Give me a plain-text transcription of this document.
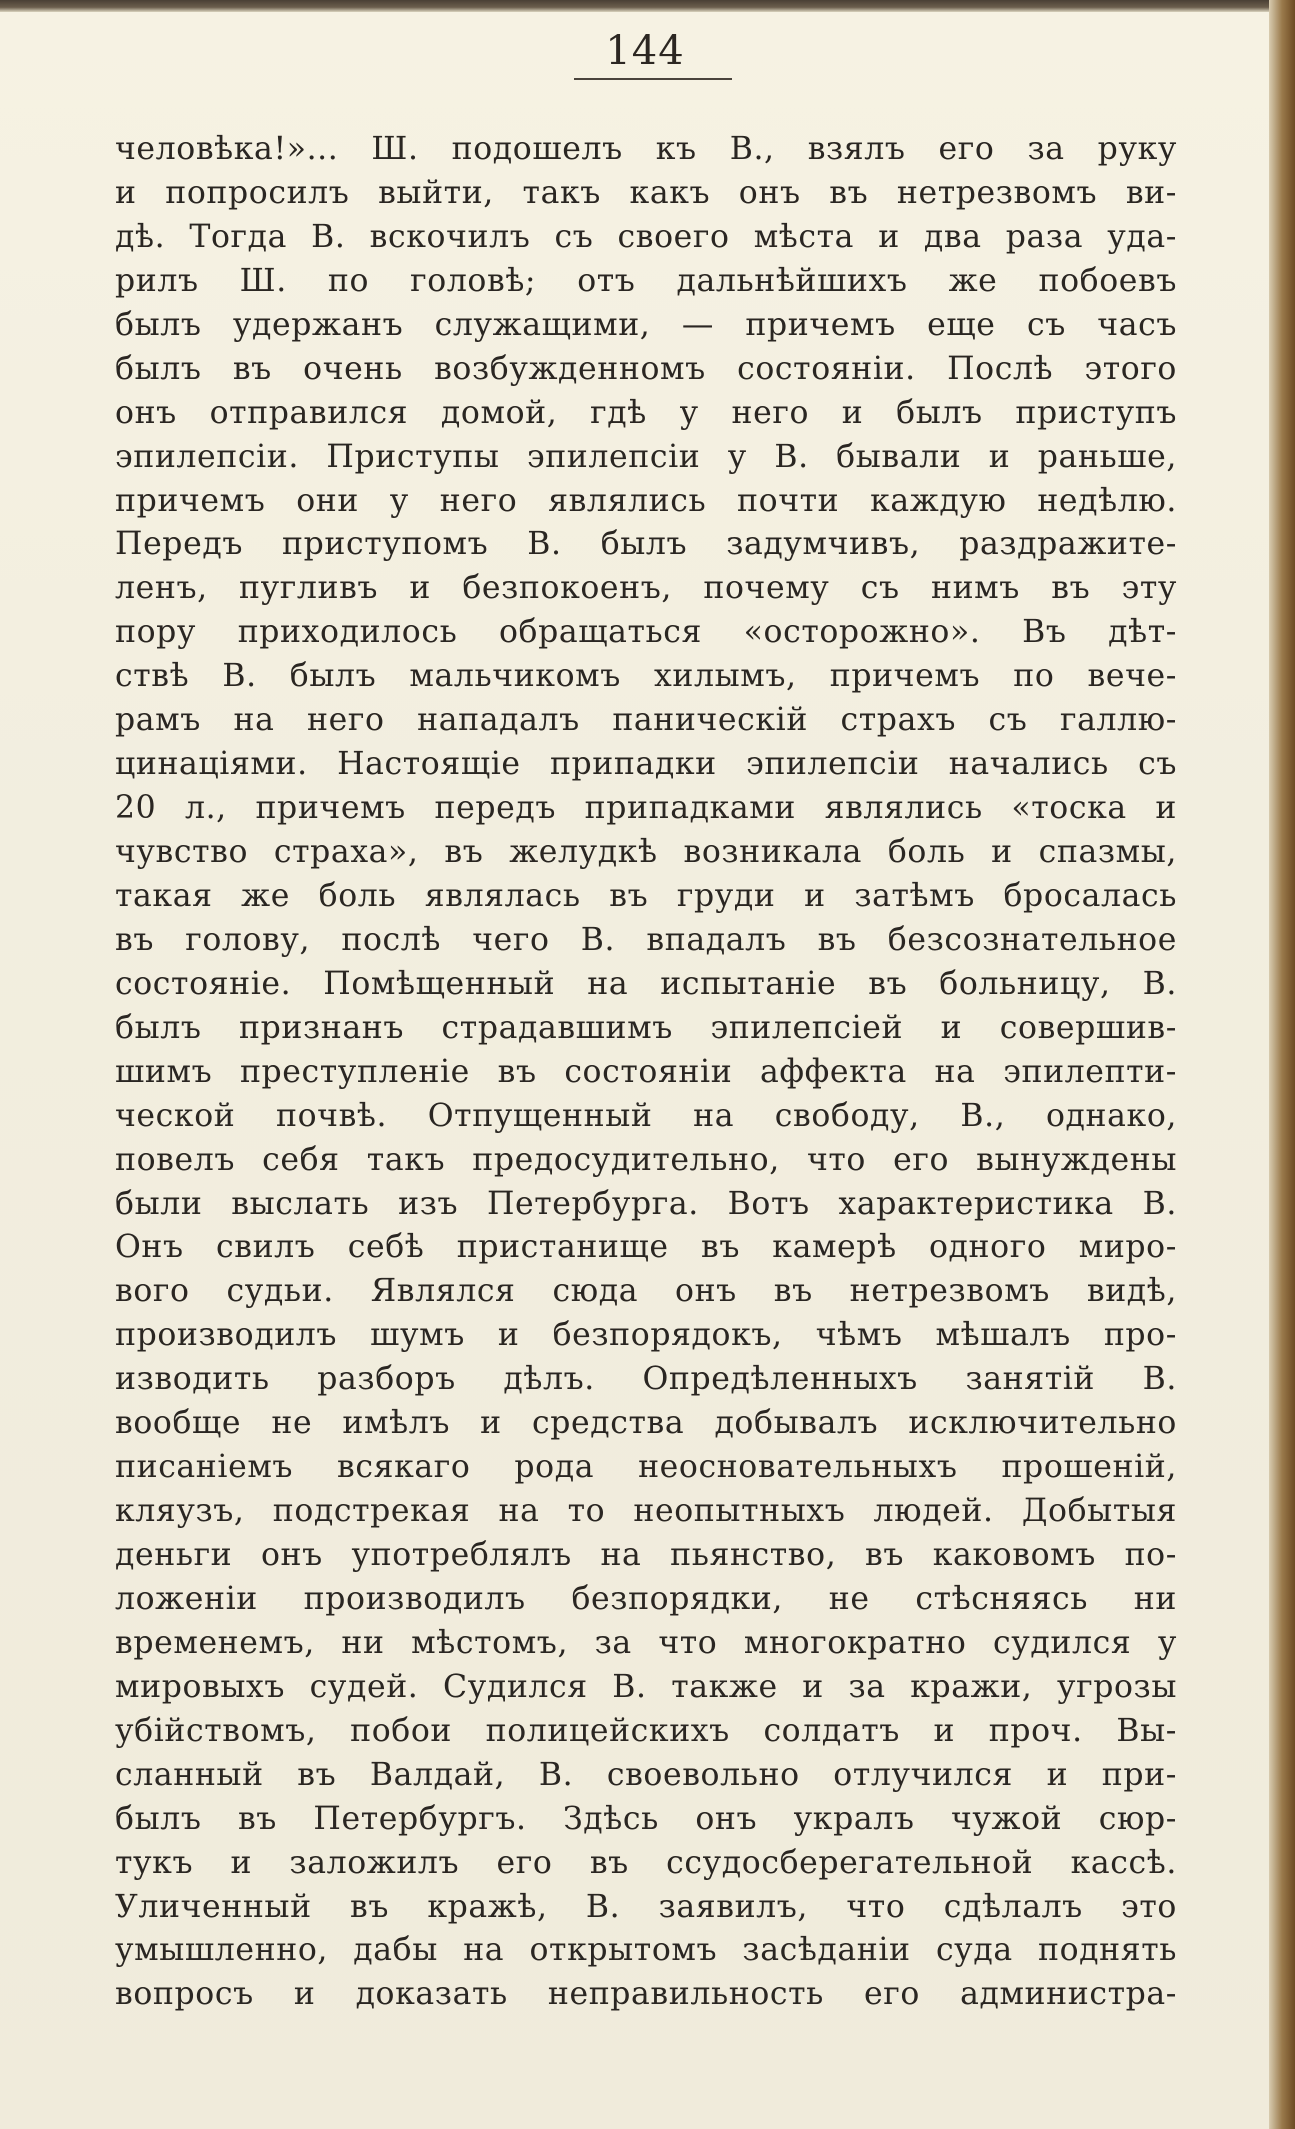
144
человѣка!»... Ш. подошелъ къ В., взялъ его за руку
и попросилъ выйти, такъ какъ онъ въ нетрезвомъ ви-
дѣ. Тогда В. вскочилъ съ своего мѣста и два раза уда-
рилъ Ш. по головѣ; отъ дальнѣйшихъ же побоевъ
былъ удержанъ служащими, — причемъ еще съ часъ
былъ въ очень возбужденномъ состояніи. Послѣ этого
онъ отправился домой, гдѣ у него и былъ приступъ
эпилепсіи. Приступы эпилепсіи у В. бывали и раньше,
причемъ они у него являлись почти каждую недѣлю.
Передъ приступомъ В. былъ задумчивъ, раздражите-
ленъ, пугливъ и безпокоенъ, почему съ нимъ въ эту
пору приходилось обращаться «осторожно». Въ дѣт-
ствѣ В. былъ мальчикомъ хилымъ, причемъ по вече-
рамъ на него нападалъ паническій страхъ съ галлю-
цинаціями. Настоящіе припадки эпилепсіи начались съ
20 л., причемъ передъ припадками являлись «тоска и
чувство страха», въ желудкѣ возникала боль и спазмы,
такая же боль являлась въ груди и затѣмъ бросалась
въ голову, послѣ чего В. впадалъ въ безсознательное
состояніе. Помѣщенный на испытаніе въ больницу, В.
былъ признанъ страдавшимъ эпилепсіей и совершив-
шимъ преступленіе въ состояніи аффекта на эпилепти-
ческой почвѣ. Отпущенный на свободу, В., однако,
повелъ себя такъ предосудительно, что его вынуждены
были выслать изъ Петербурга. Вотъ характеристика В.
Онъ свилъ себѣ пристанище въ камерѣ одного миро-
вого судьи. Являлся сюда онъ въ нетрезвомъ видѣ,
производилъ шумъ и безпорядокъ, чѣмъ мѣшалъ про-
изводить разборъ дѣлъ. Опредѣленныхъ занятій В.
вообще не имѣлъ и средства добывалъ исключительно
писаніемъ всякаго рода неосновательныхъ прошеній,
кляузъ, подстрекая на то неопытныхъ людей. Добытыя
деньги онъ употреблялъ на пьянство, въ каковомъ по-
ложеніи производилъ безпорядки, не стѣсняясь ни
временемъ, ни мѣстомъ, за что многократно судился у
мировыхъ судей. Судился В. также и за кражи, угрозы
убійствомъ, побои полицейскихъ солдатъ и проч. Вы-
сланный въ Валдай, В. своевольно отлучился и при-
былъ въ Петербургъ. Здѣсь онъ укралъ чужой сюр-
тукъ и заложилъ его въ ссудосберегательной кассѣ.
Уличенный въ кражѣ, В. заявилъ, что сдѣлалъ это
умышленно, дабы на открытомъ засѣданіи суда поднять
вопросъ и доказать неправильность его администра-
